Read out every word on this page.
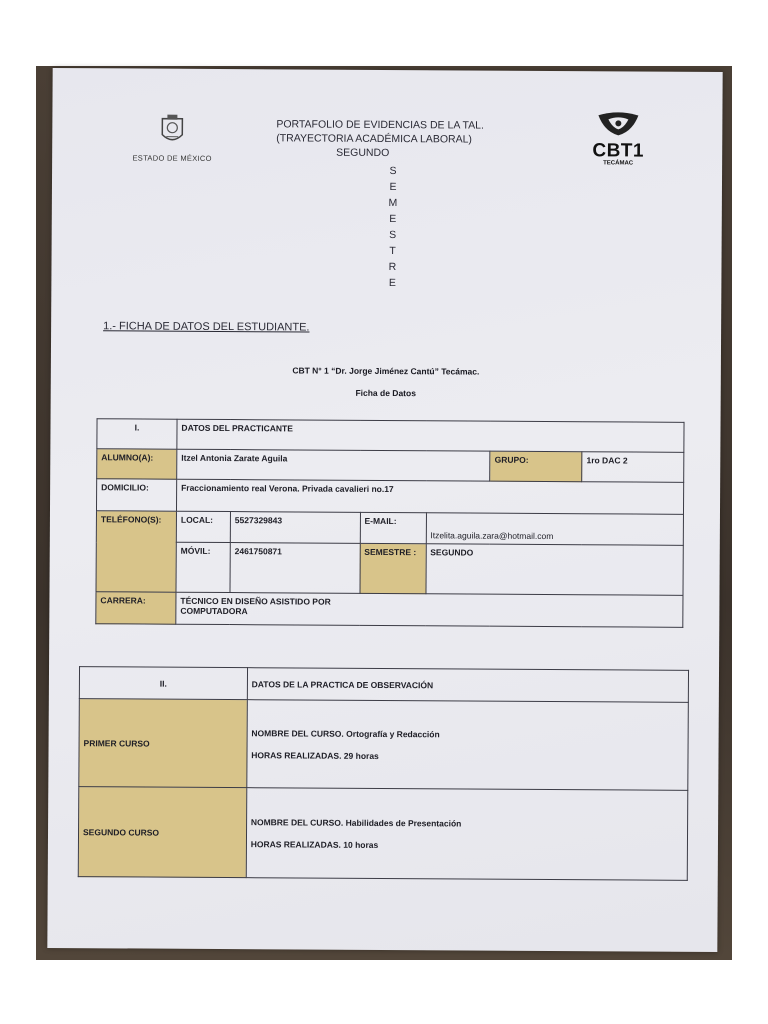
ESTADO DE MÉXICO
PORTAFOLIO DE EVIDENCIAS DE LA TAL.
(TRAYECTORIA ACADÉMICA LABORAL)
SEGUNDO
S
E
M
E
S
T
R
E
CBT1
TECÁMAC
1.- FICHA DE DATOS DEL ESTUDIANTE.
CBT N° 1 “Dr. Jorge Jiménez Cantú” Tecámac.
Ficha de Datos
I.	DATOS DEL PRACTICANTE					
ALUMNO(A):	Itzel Antonia Zarate Aguila				GRUPO:	1ro DAC 2
DOMICILIO:	Fraccionamiento real Verona. Privada cavalieri no.17					

TELÉFONO(S):	LOCAL:	5527329843	E-MAIL:	Itzelita.aguila.zara@hotmail.com		
	MÓVIL:	2461750871	SEMESTRE :	SEGUNDO		
CARRERA:	TÉCNICO EN DISEÑO ASISTIDO POR COMPUTADORA					
II.	DATOS DE LA PRACTICA DE OBSERVACIÓN
PRIMER CURSO	NOMBRE DEL CURSO. Ortografía y Redacción
HORAS REALIZADAS. 29 horas

SEGUNDO CURSO	NOMBRE DEL CURSO. Habilidades de Presentación
HORAS REALIZADAS. 10 horas
